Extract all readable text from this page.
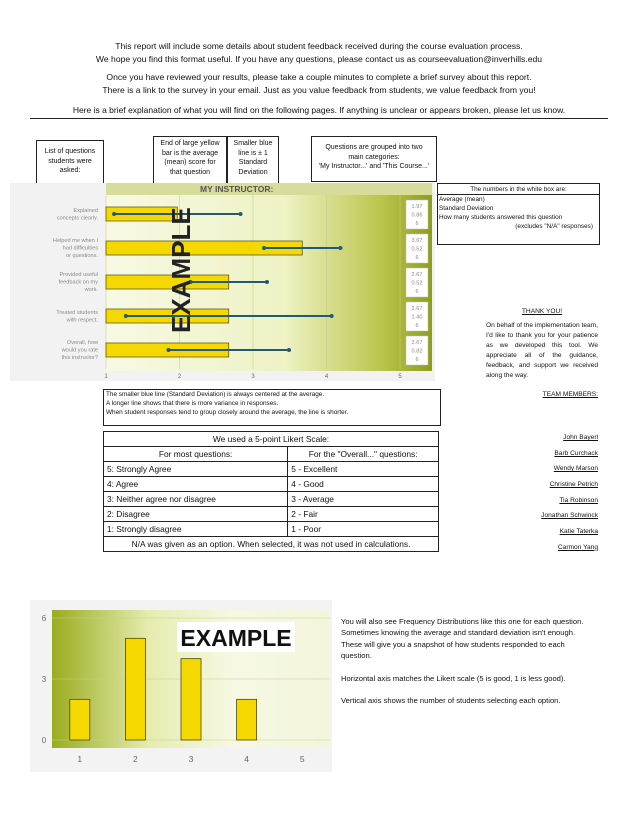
This report will include some details about student feedback received during the course evaluation process.
We hope you find this format useful. If you have any questions, please contact us as courseevaluation@inverhills.edu
Once you have reviewed your results, please take a couple minutes to complete a brief survey about this report.
There is a link to the survey in your email. Just as you value feedback from students, we value feedback from you!
Here is a brief explanation of what you will find on the following pages. If anything is unclear or appears broken, please let us know.
List of questions
students were
asked:
End of large yellow
bar is the average
(mean) score for
that question
Smaller blue
line is ± 1
Standard
Deviation
Questions are grouped into two
main categories:
'My Instructor...' and 'This Course...'
MY INSTRUCTOR:
Explained concepts clearly.
Helped me when I had difficulties or questions.
Provided useful feedback on my work.
Treated students with respect.
Overall, how would you rate this instructor?
1.97
0.86
6
3.67
0.52
6
2.67
0.52
6
2.67
1.40
6
2.67
0.82
6
1	2	3	4	5
EXAMPLE
The numbers in the white box are:
Average (mean)
Standard Deviation
How many students answered this question
(excludes "N/A" responses)
The smaller blue line (Standard Deviation) is always centered at the average.
A longer line shows that there is more variance in responses.
When student responses tend to group closely around the average, the line is shorter.
We used a 5-point Likert Scale:	
For most questions:	For the "Overall..." questions:
5: Strongly Agree	5 - Excellent
4: Agree	4 - Good
3: Neither agree nor disagree	3 - Average
2: Disagree	2 - Fair
1: Strongly disagree	1 - Poor
N/A was given as an option. When selected, it was not used in calculations.	
THANK YOU!
On behalf of the implementation team, I'd like to thank you for your patience as we developed this tool. We appreciate all of the guidance, feedback, and support we received along the way.
TEAM MEMBERS:
John Bayerl
Barb Curchack
Wendy Marson
Christine Petrich
Tia Robinson
Jonathan Schwinck
Katie Taterka
Carmon Yang
0
3
6
1	2	3	4	5
EXAMPLE
You will also see Frequency Distributions like this one for each question. Sometimes knowing the average and standard deviation isn't enough. These will give you a snapshot of how students responded to each question.
Horizontal axis matches the Likert scale (5 is good, 1 is less good).
Vertical axis shows the number of students selecting each option.
